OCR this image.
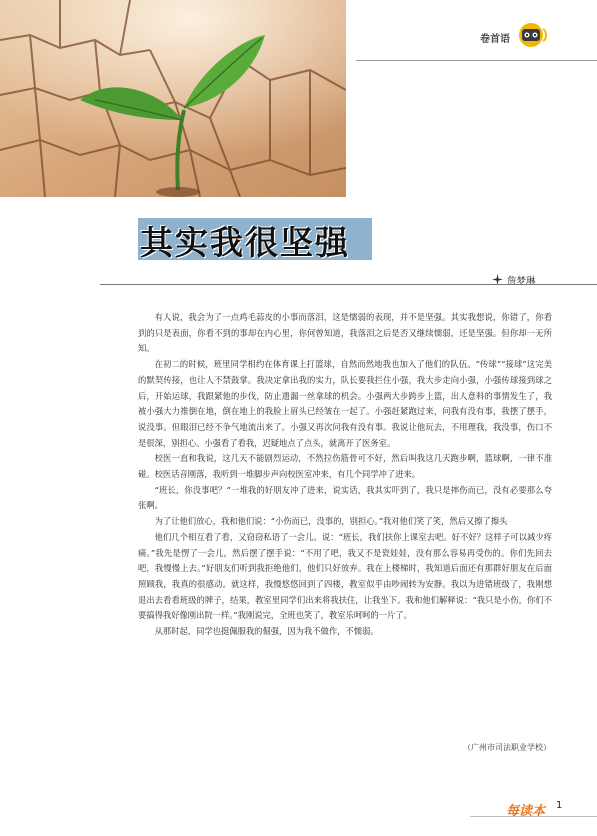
卷首语
其实我很坚强
詹梦琳

有人说，我会为了一点鸡毛蒜皮的小事而落泪，这是懦弱的表现，并不是坚强。其实我想说，你错了，你看到的只是表面，你看不到的事却在内心里，你何曾知道，我落泪之后是否又继续懦弱，还是坚强。但你却一无所知。

在初二的时候，班里同学相约在体育课上打篮球，自然而然地我也加入了他们的队伍。“传球”“接球”这完美的默契传接，也让人不禁鼓掌。我决定拿出我的实力，队长要我拦住小强，我大步走向小强，小强传球接到球之后，开始运球，我跟紧他的步伐，防止遗漏一丝拿球的机会。小强两大步跨步上篮，出人意料的事情发生了，我被小强大力推倒在地，倒在地上的我脸上眉头已经皱在一起了。小强赶紧跑过来，问我有没有事，我摆了摆手，说没事。但眼泪已经不争气地流出来了。小强又再次问我有没有事。我说让他玩去，不用理我，我没事，伤口不是很深，别担心。小强看了看我，迟疑地点了点头，就离开了医务室。

校医一直和我说，这几天不能剧烈运动，不然拉伤筋骨可不好，然后叫我这几天跑步啊，篮球啊，一律不准碰。校医话音刚落，我听到一堆脚步声向校医室冲来，有几个同学冲了进来。

“班长，你没事吧？”一堆我的好朋友冲了进来，说实话，我其实吓到了，我只是摔伤而已，没有必要那么夸张啊。

为了让他们放心，我和他们说：“小伤而已，没事的，别担心。”我对他们笑了笑，然后又擦了擦头

他们几个相互看了看，又窃窃私语了一会儿。说：“班长，我们扶你上课室去吧。好不好？这样子可以减少疼痛。”我先是愣了一会儿，然后摆了摆手说：“不用了吧，我又不是瓷娃娃，没有那么容易再受伤的。你们先回去吧，我慢慢上去。”好朋友们听到我拒绝他们，他们只好放弃。我在上楼梯时，我知道后面还有那群好朋友在后面照顾我，我真的很感动。就这样，我慢悠悠回到了四楼，教室似乎由吵闹转为安静。我以为进错班级了，我刚想退出去看看班级的牌子，结果，教室里同学们出来将我扶住，让我坐下。我和他们解释说：“我只是小伤，你们不要搞得我好像刚出院一样。”我刚说完，全班也笑了，教室乐呵呵的一片了。

从那时起，同学也挺佩服我的倔强，因为我不做作，不懦弱。

（广州市司法职业学校）
每读本 1
